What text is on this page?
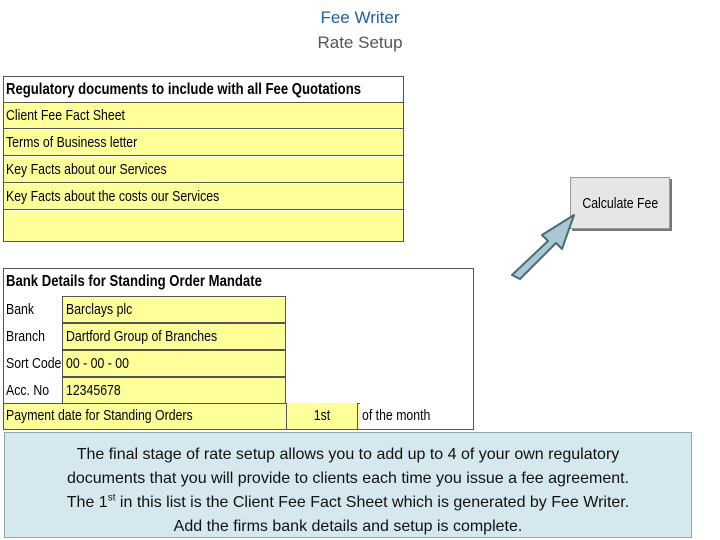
Fee Writer
Rate Setup
Regulatory documents to include with all Fee Quotations
Client Fee Fact Sheet
Terms of Business letter
Key Facts about our Services
Key Facts about the costs our Services	Calculate Fee
Bank Details for Standing Order Mandate
Bank	Barclays plc
Branch	Dartford Group of Branches
Sort Code 00 - 00 - 00
Acc. No	12345678
Payment date for Standing Orders	1st	of the month

The final stage of rate setup allows you to add up to 4 of your own regulatory

documents that you will provide to clients each time you issue a fee agreement.

The 1st in this list is the Client Fee Fact Sheet which is generated by Fee Writer.

Add the firms bank details and setup is complete.
